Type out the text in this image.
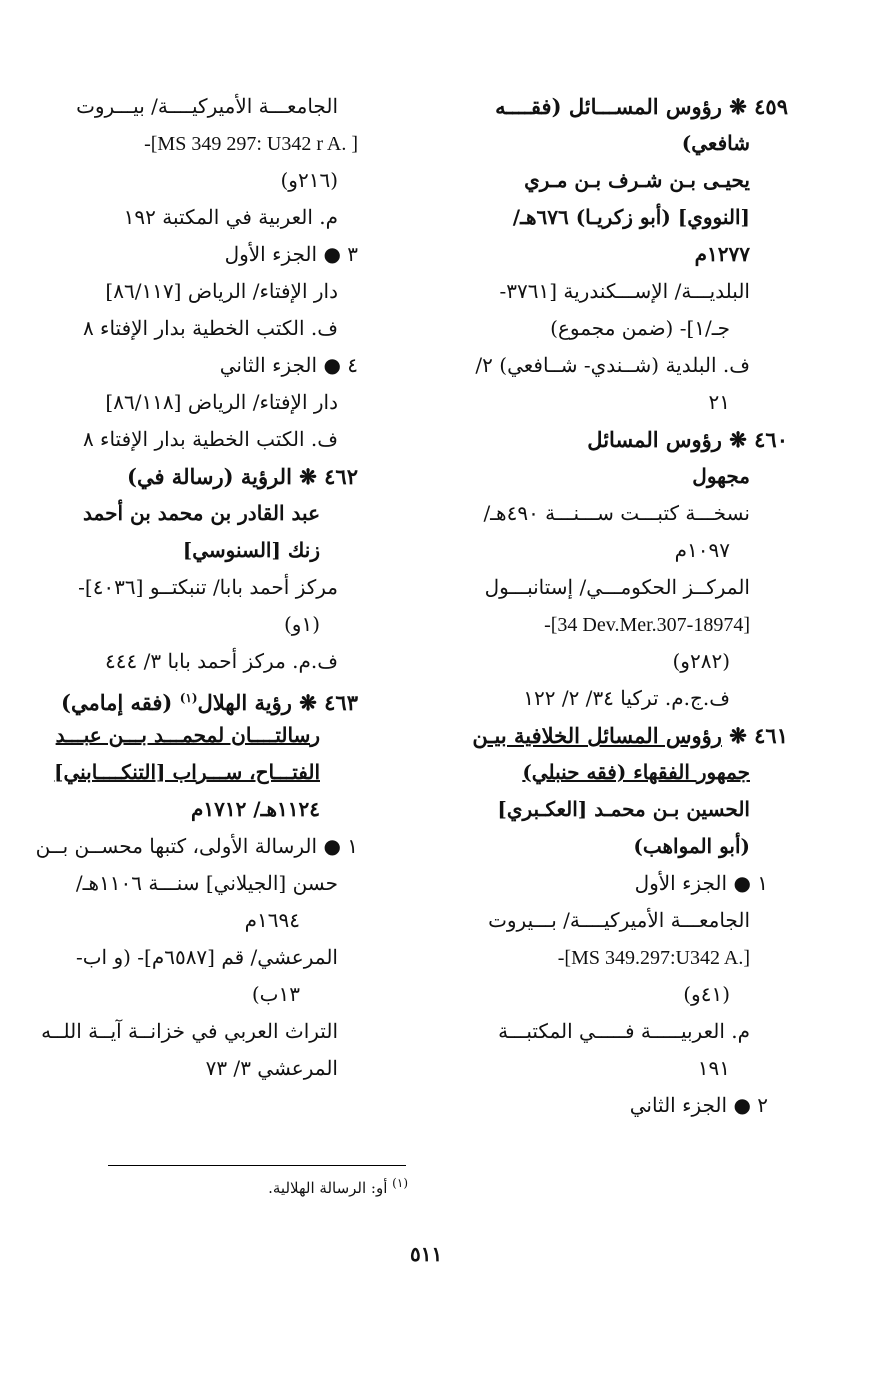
٤٥٩ ❋ رؤوس المســـائل (فقــــه
شافعي)
يحيـى بـن شـرف بـن مـري
[النووي] (أبو زكريـا) ٦٧٦هـ/
١٢٧٧م
البلديـــة/ الإســـكندرية [٣٧٦١-
جـ/١]- (ضمن مجموع)
ف. البلدية (شــندي- شــافعي) ٢/
٢١
٤٦٠ ❋ رؤوس المسائل
مجهول
نسخـــة كتبـــت ســـنـــة ٤٩٠هـ/
١٠٩٧م
المركــز الحكومـــي/ إستانبـــول
-[34 Dev.Mer.307-18974]
(٢٨٢و)
ف.ج.م. تركيا ٣٤/ ٢/ ١٢٢
٤٦١ ❋ رؤوس المسائل الخلافية بيـن
جمهور الفقهاء (فقه حنبلي)
الحسين بـن محمـد [العكـبري]
(أبو المواهب)
١ ● الجزء الأول
الجامعـــة الأميركيــــة/ بـــيروت
-[MS 349.297:U342 A.]
(٤١و)
م. العربيـــــة فـــــي المكتبـــة
١٩١
٢ ● الجزء الثاني
الجامعـــة الأميركيــــة/ بيـــروت
-[MS 349 297: U342 r A. ]
(٢١٦و)
م. العربية في المكتبة ١٩٢
٣ ● الجزء الأول
دار الإفتاء/ الرياض [٨٦/١١٧]
ف. الكتب الخطية بدار الإفتاء ٨
٤ ● الجزء الثاني
دار الإفتاء/ الرياض [٨٦/١١٨]
ف. الكتب الخطية بدار الإفتاء ٨
٤٦٢ ❋ الرؤية (رسالة في)
عبد القادر بن محمد بن أحمد
زنك [السنوسي]
مركز أحمد بابا/ تنبكتــو [٤٠٣٦]-
(١و)
ف.م. مركز أحمد بابا ٣/ ٤٤٤
٤٦٣ ❋ رؤية الهلال$^{(١)}$ (فقه إمامي)
رسالتــــان لمحمـــد بـــن عبـــد
الفتـــاح، ســـراب [التنكــــابني]
١١٢٤هـ/ ١٧١٢م
١ ● الرسالة الأولى، كتبها محســن بــن
حسن [الجيلاني] سنـــة ١١٠٦هـ/
١٦٩٤م
المرعشي/ قم [٦٥٨٧م]- (و اب-
١٣ب)
التراث العربي في خزانــة آيــة اللــه
المرعشي ٣/ ٧٣
$^{(١)}$ أو: الرسالة الهلالية.
٥١١
